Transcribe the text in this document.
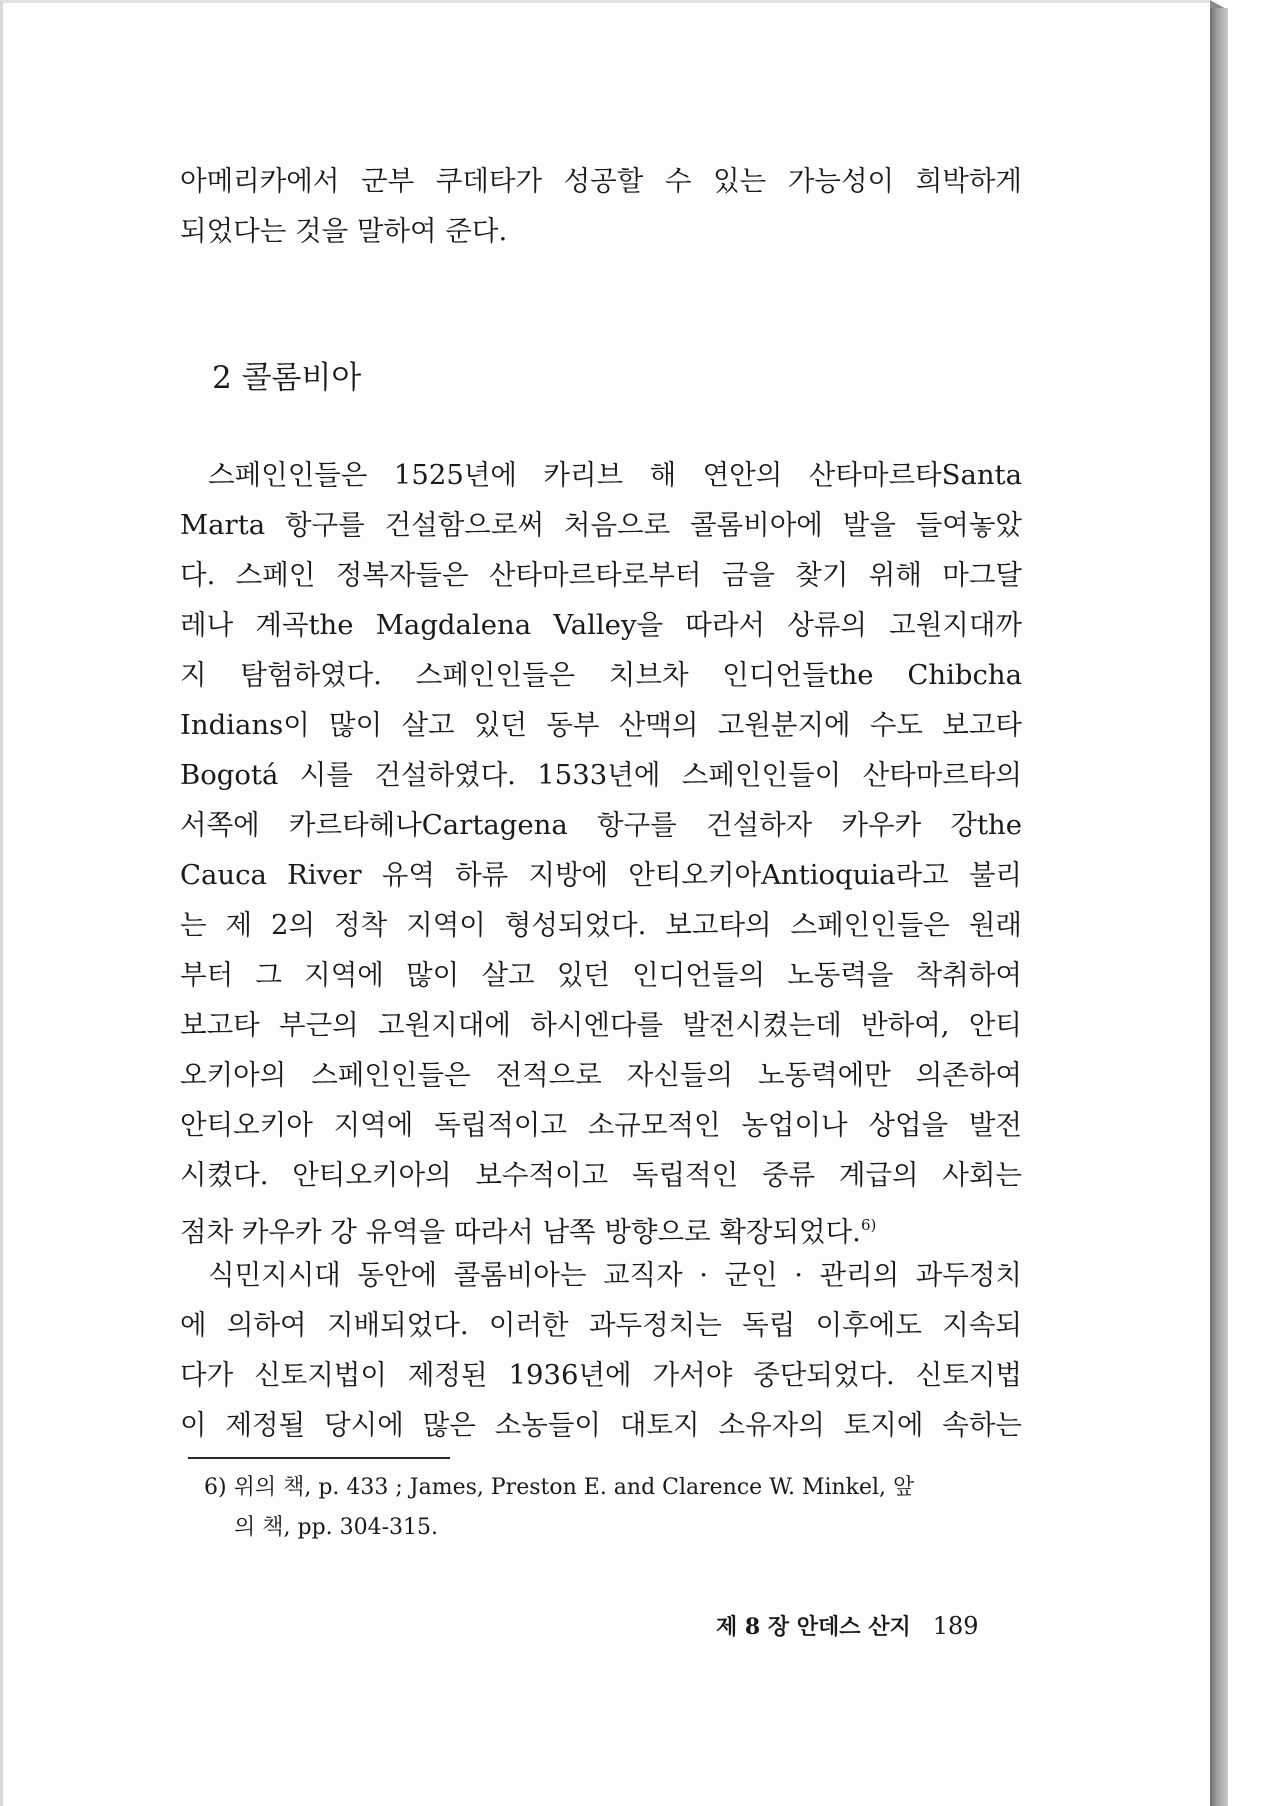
아메리카에서 군부 쿠데타가 성공할 수 있는 가능성이 희박하게
되었다는 것을 말하여 준다.
2 콜롬비아
스페인인들은 1525년에 카리브 해 연안의 산타마르타Santa
Marta 항구를 건설함으로써 처음으로 콜롬비아에 발을 들여놓았
다. 스페인 정복자들은 산타마르타로부터 금을 찾기 위해 마그달
레나 계곡the Magdalena Valley을 따라서 상류의 고원지대까
지 탐험하였다. 스페인인들은 치브차 인디언들the Chibcha
Indians이 많이 살고 있던 동부 산맥의 고원분지에 수도 보고타
Bogotá 시를 건설하였다. 1533년에 스페인인들이 산타마르타의
서쪽에 카르타헤나Cartagena 항구를 건설하자 카우카 강the
Cauca River 유역 하류 지방에 안티오키아Antioquia라고 불리
는 제 2의 정착 지역이 형성되었다. 보고타의 스페인인들은 원래
부터 그 지역에 많이 살고 있던 인디언들의 노동력을 착취하여
보고타 부근의 고원지대에 하시엔다를 발전시켰는데 반하여, 안티
오키아의 스페인인들은 전적으로 자신들의 노동력에만 의존하여
안티오키아 지역에 독립적이고 소규모적인 농업이나 상업을 발전
시켰다. 안티오키아의 보수적이고 독립적인 중류 계급의 사회는
점차 카우카 강 유역을 따라서 남쪽 방향으로 확장되었다.$^{6)}$
식민지시대 동안에 콜롬비아는 교직자 · 군인 · 관리의 과두정치
에 의하여 지배되었다. 이러한 과두정치는 독립 이후에도 지속되
다가 신토지법이 제정된 1936년에 가서야 중단되었다. 신토지법
이 제정될 당시에 많은 소농들이 대토지 소유자의 토지에 속하는
6) 위의 책, p. 433 ; James, Preston E. and Clarence W. Minkel, 앞
의 책, pp. 304-315.
제 8 장 안데스 산지 189
